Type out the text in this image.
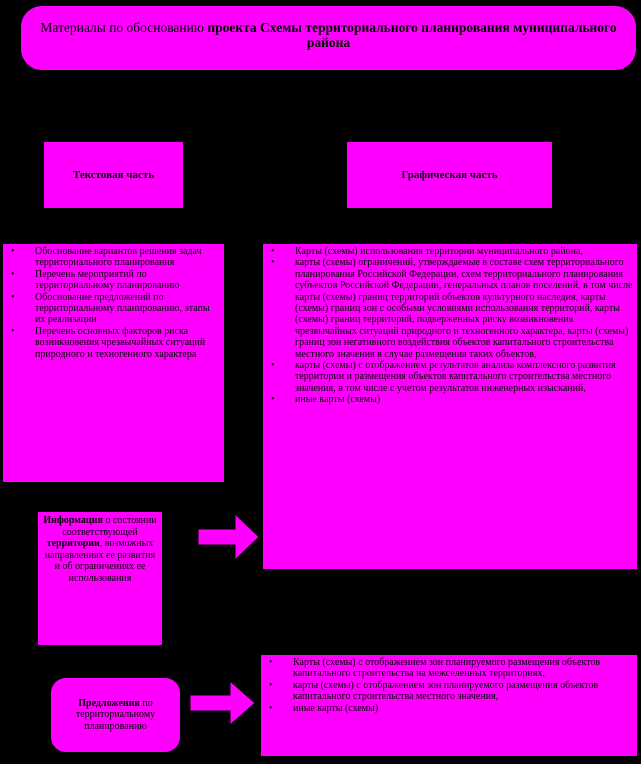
Материалы по обоснованию проекта Схемы территориального планирования муниципального района
Текстовая часть	Графическая часть
• Обоснование вариантов решения задач территориального планирования
• Перечень мероприятий по территориальному планированию
• Обоснование предложений по территориальному планированию, этапы их реализации
• Перечень основных факторов риска возникновения чрезвычайных ситуаций природного и техногенного характера
• Карты (схемы) использования территории муниципального района,
• карты (схемы) ограничений, утверждаемые в составе схем территориального планирования Российской Федерации, схем территориального планирования субъектов Российской Федерации, генеральных планов поселений, в том числе карты (схемы) границ территорий объектов культурного наследия, карты (схемы) границ зон с особыми условиями использования территорий, карты (схемы) границ территорий, подверженных риску возникновения чрезвычайных ситуаций природного и техногенного характера, карты (схемы) границ зон негативного воздействия объектов капитального строительства местного значения в случае размещения таких объектов,
• карты (схемы) с отображением результатов анализа комплексного развития территории и размещения объектов капитального строительства местного значения, в том числе с учетом результатов инженерных изысканий,
• иные карты (схемы)
Информация о состоянии соответствующей территории, возможных направлениях ее развития и об ограничениях ее использования
Предложения по территориальному планированию
• Карты (схемы) с отображением зон планируемого размещения объектов капитального строительства на межселенных территориях,
• карты (схемы) с отображением зон планируемого размещения объектов капитального строительства местного значения,
• иные карты (схемы)
